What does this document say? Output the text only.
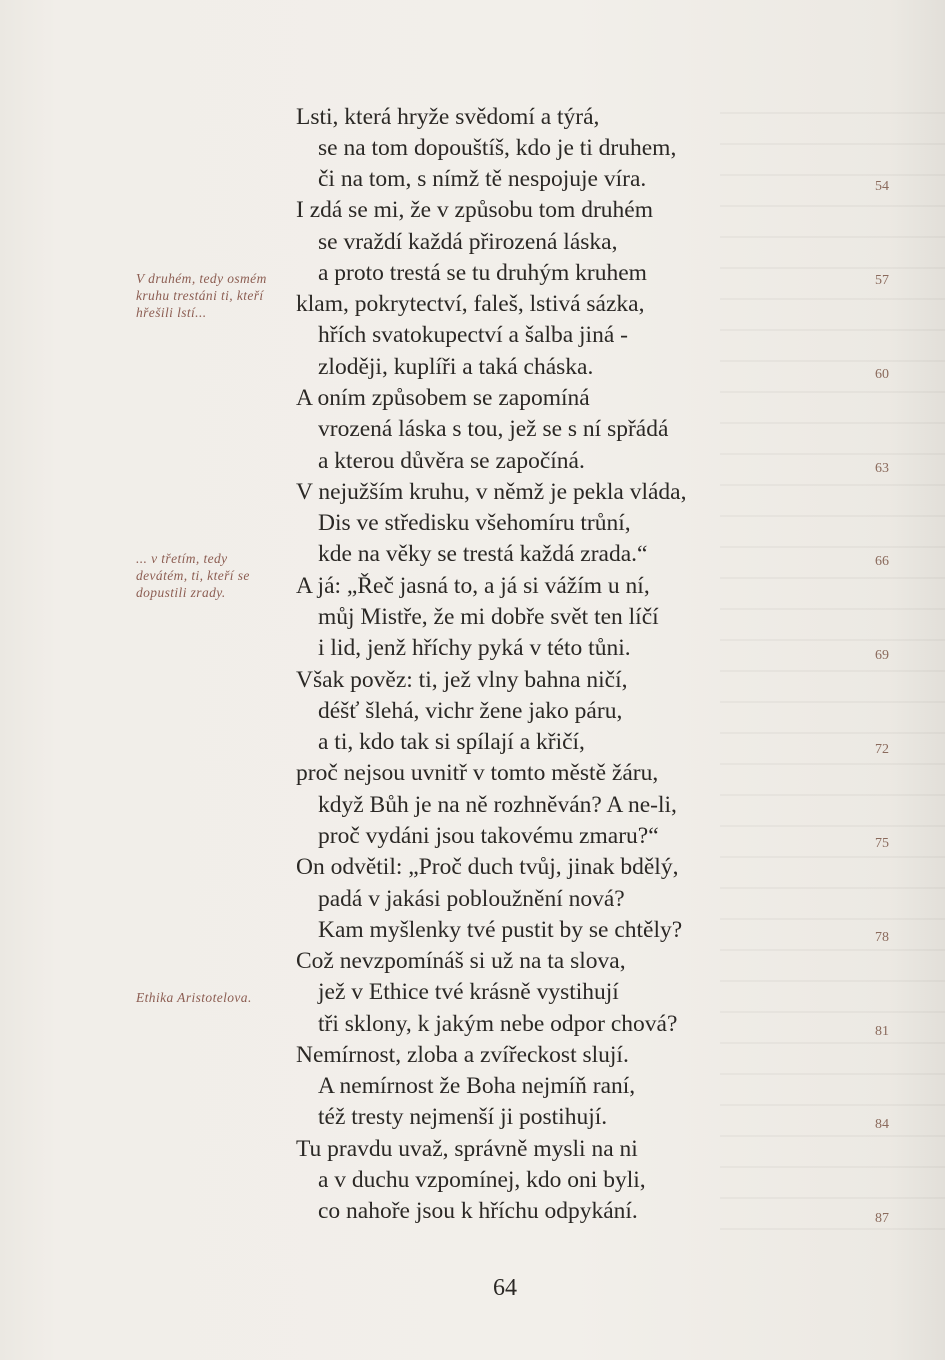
Lsti, která hryže svědomí a týrá,
se na tom dopouštíš, kdo je ti druhem,
či na tom, s nímž tě nespojuje víra.
I zdá se mi, že v způsobu tom druhém
se vraždí každá přirozená láska,
a proto trestá se tu druhým kruhem
klam, pokrytectví, faleš, lstivá sázka,
hřích svatokupectví a šalba jiná -
zloději, kuplíři a taká cháska.
A oním způsobem se zapomíná
vrozená láska s tou, jež se s ní spřádá
a kterou důvěra se započíná.
V nejužším kruhu, v němž je pekla vláda,
Dis ve středisku všehomíru trůní,
kde na věky se trestá každá zrada.“
A já: „Řeč jasná to, a já si vážím u ní,
můj Mistře, že mi dobře svět ten líčí
i lid, jenž hříchy pyká v této tůni.
Však pověz: ti, jež vlny bahna ničí,
déšť šlehá, vichr žene jako páru,
a ti, kdo tak si spílají a křičí,
proč nejsou uvnitř v tomto městě žáru,
když Bůh je na ně rozhněván? A ne-li,
proč vydáni jsou takovému zmaru?“
On odvětil: „Proč duch tvůj, jinak bdělý,
padá v jakási pobloužnění nová?
Kam myšlenky tvé pustit by se chtěly?
Což nevzpomínáš si už na ta slova,
jež v Ethice tvé krásně vystihují
tři sklony, k jakým nebe odpor chová?
Nemírnost, zloba a zvířeckost slují.
A nemírnost že Boha nejmíň raní,
též tresty nejmenší ji postihují.
Tu pravdu uvaž, správně mysli na ni
a v duchu vzpomínej, kdo oni byli,
co nahoře jsou k hříchu odpykání.
54
57
60
63
66
69
72
75
78
81
84
87
V druhém, tedy osmém kruhu trestáni ti, kteří hřešili lstí...
... v třetím, tedy devátém, ti, kteří se dopustili zrady.
Ethika Aristotelova.
64
